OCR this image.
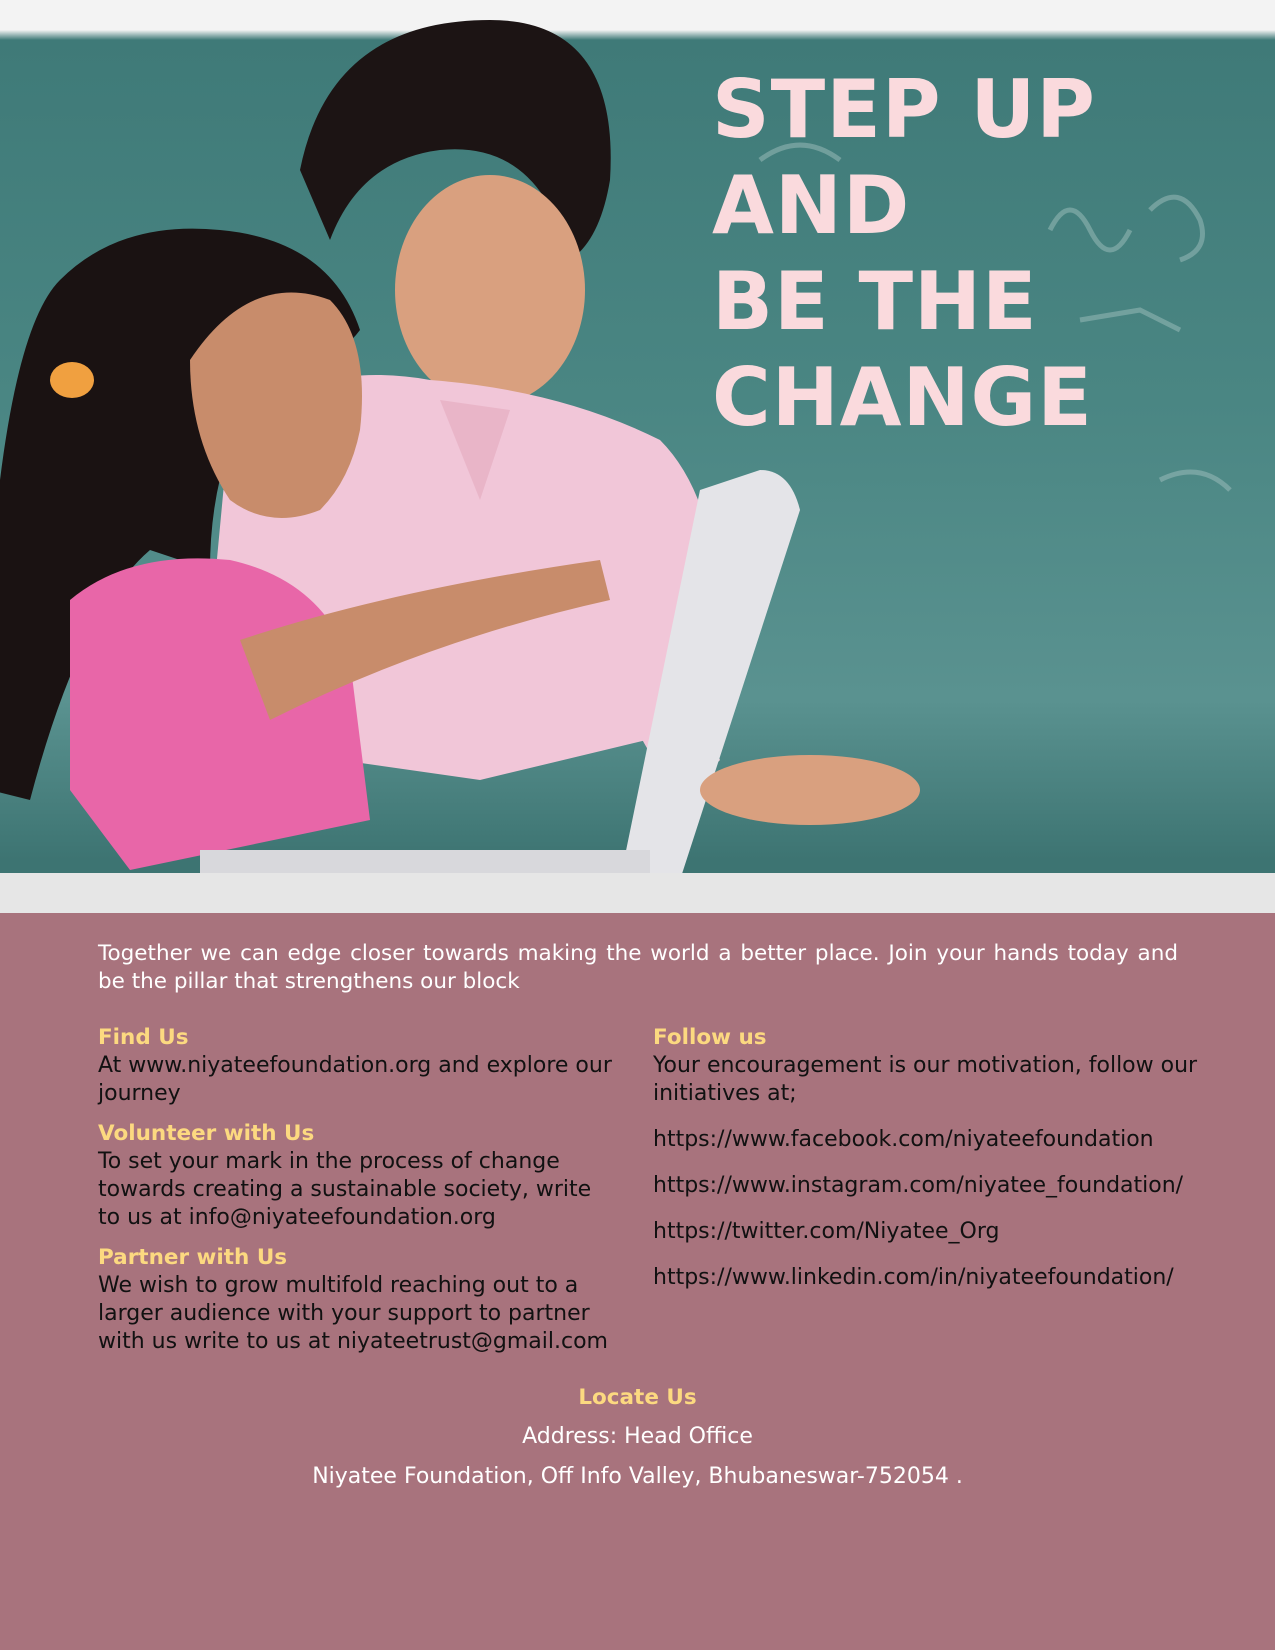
STEP UP
AND
BE THE
CHANGE
Together we can edge closer towards making the world a better place. Join your hands today and be the pillar that strengthens our block
Find Us
At www.niyateefoundation.org and explore our journey
Volunteer with Us
To set your mark in the process of change towards creating a sustainable society, write to us at info@niyateefoundation.org
Partner with Us
We wish to grow multifold reaching out to a larger audience with your support to partner with us write to us at niyateetrust@gmail.com
Follow us
Your encouragement is our motivation, follow our initiatives at;
https://www.facebook.com/niyateefoundation
https://www.instagram.com/niyatee_foundation/
https://twitter.com/Niyatee_Org
https://www.linkedin.com/in/niyateefoundation/
Locate Us
Address: Head Office
Niyatee Foundation, Off Info Valley, Bhubaneswar-752054 .
